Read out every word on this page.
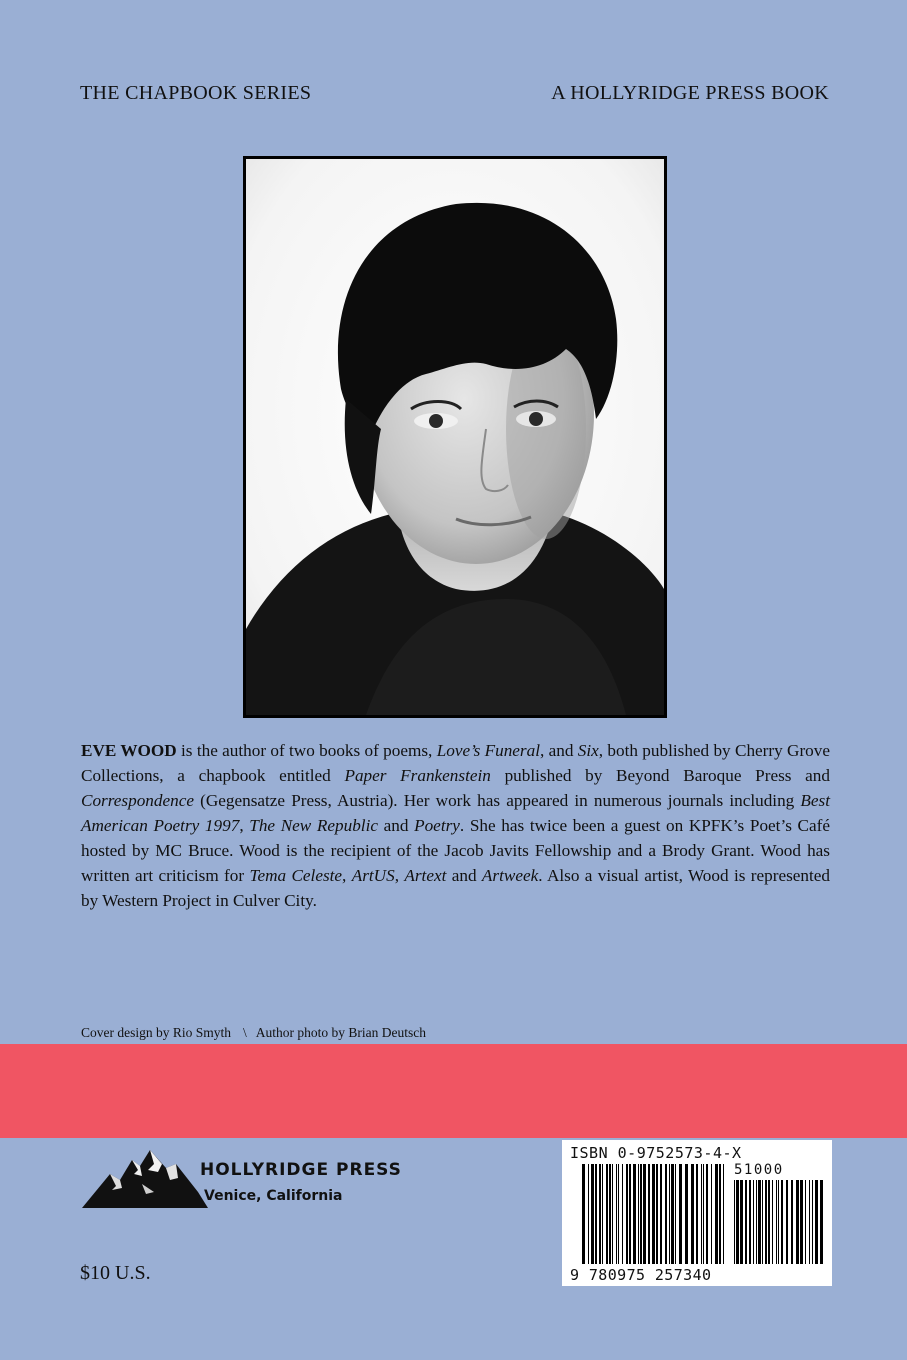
THE CHAPBOOK SERIES	A HOLLYRIDGE PRESS BOOK

EVE WOOD is the author of two books of poems, Love’s Funeral, and Six, both published by Cherry Grove Collections, a chapbook entitled Paper Frankenstein published by Beyond Baroque Press and Correspondence (Gegensatze Press, Austria). Her work has appeared in numerous journals including Best American Poetry 1997, The New Republic and Poetry. She has twice been a guest on KPFK’s Poet’s Café hosted by MC Bruce. Wood is the recipient of the Jacob Javits Fellowship and a Brody Grant. Wood has written art criticism for Tema Celeste, ArtUS, Artext and Artweek. Also a visual artist, Wood is represented by Western Project in Culver City.

Cover design by Rio Smyth \ Author photo by Brian Deutsch
HOLLYRIDGE PRESS
Venice, California
$10 U.S.
ISBN 0-9752573-4-X
51000
9 780975 257340
